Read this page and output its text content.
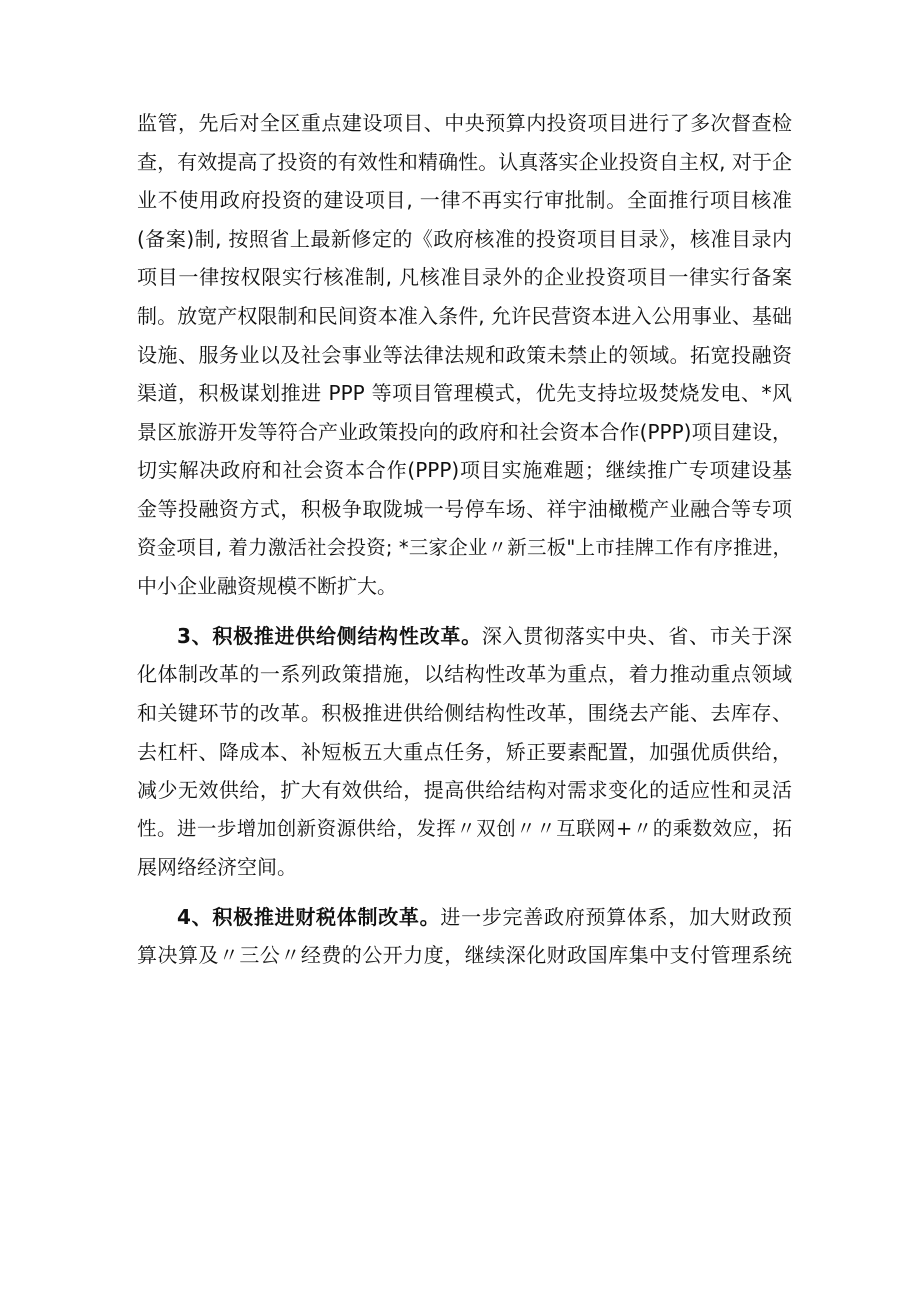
监管，先后对全区重点建设项目、中央预算内投资项目进行了多次督查检
查，有效提高了投资的有效性和精确性。认真落实企业投资自主权, 对于企
业不使用政府投资的建设项目, 一律不再实行审批制。全面推行项目核准
(备案)制, 按照省上最新修定的《政府核准的投资项目目录》，核准目录内
项目一律按权限实行核准制, 凡核准目录外的企业投资项目一律实行备案
制。放宽产权限制和民间资本准入条件, 允许民营资本进入公用事业、基础
设施、服务业以及社会事业等法律法规和政策未禁止的领域。拓宽投融资
渠道，积极谋划推进 PPP 等项目管理模式，优先支持垃圾焚烧发电、*风
景区旅游开发等符合产业政策投向的政府和社会资本合作(PPP)项目建设，
切实解决政府和社会资本合作(PPP)项目实施难题；继续推广专项建设基
金等投融资方式，积极争取陇城一号停车场、祥宇油橄榄产业融合等专项
资金项目, 着力激活社会投资; *三家企业〃新三板"上市挂牌工作有序推进，
中小企业融资规模不断扩大。
3、积极推进供给侧结构性改革。深入贯彻落实中央、省、市关于深
化体制改革的一系列政策措施，以结构性改革为重点，着力推动重点领域
和关键环节的改革。积极推进供给侧结构性改革，围绕去产能、去库存、
去杠杆、降成本、补短板五大重点任务，矫正要素配置，加强优质供给，
减少无效供给，扩大有效供给，提高供给结构对需求变化的适应性和灵活
性。进一步增加创新资源供给，发挥〃双创〃〃互联网+〃的乘数效应，拓
展网络经济空间。
4、积极推进财税体制改革。进一步完善政府预算体系，加大财政预
算决算及〃三公〃经费的公开力度，继续深化财政国库集中支付管理系统
